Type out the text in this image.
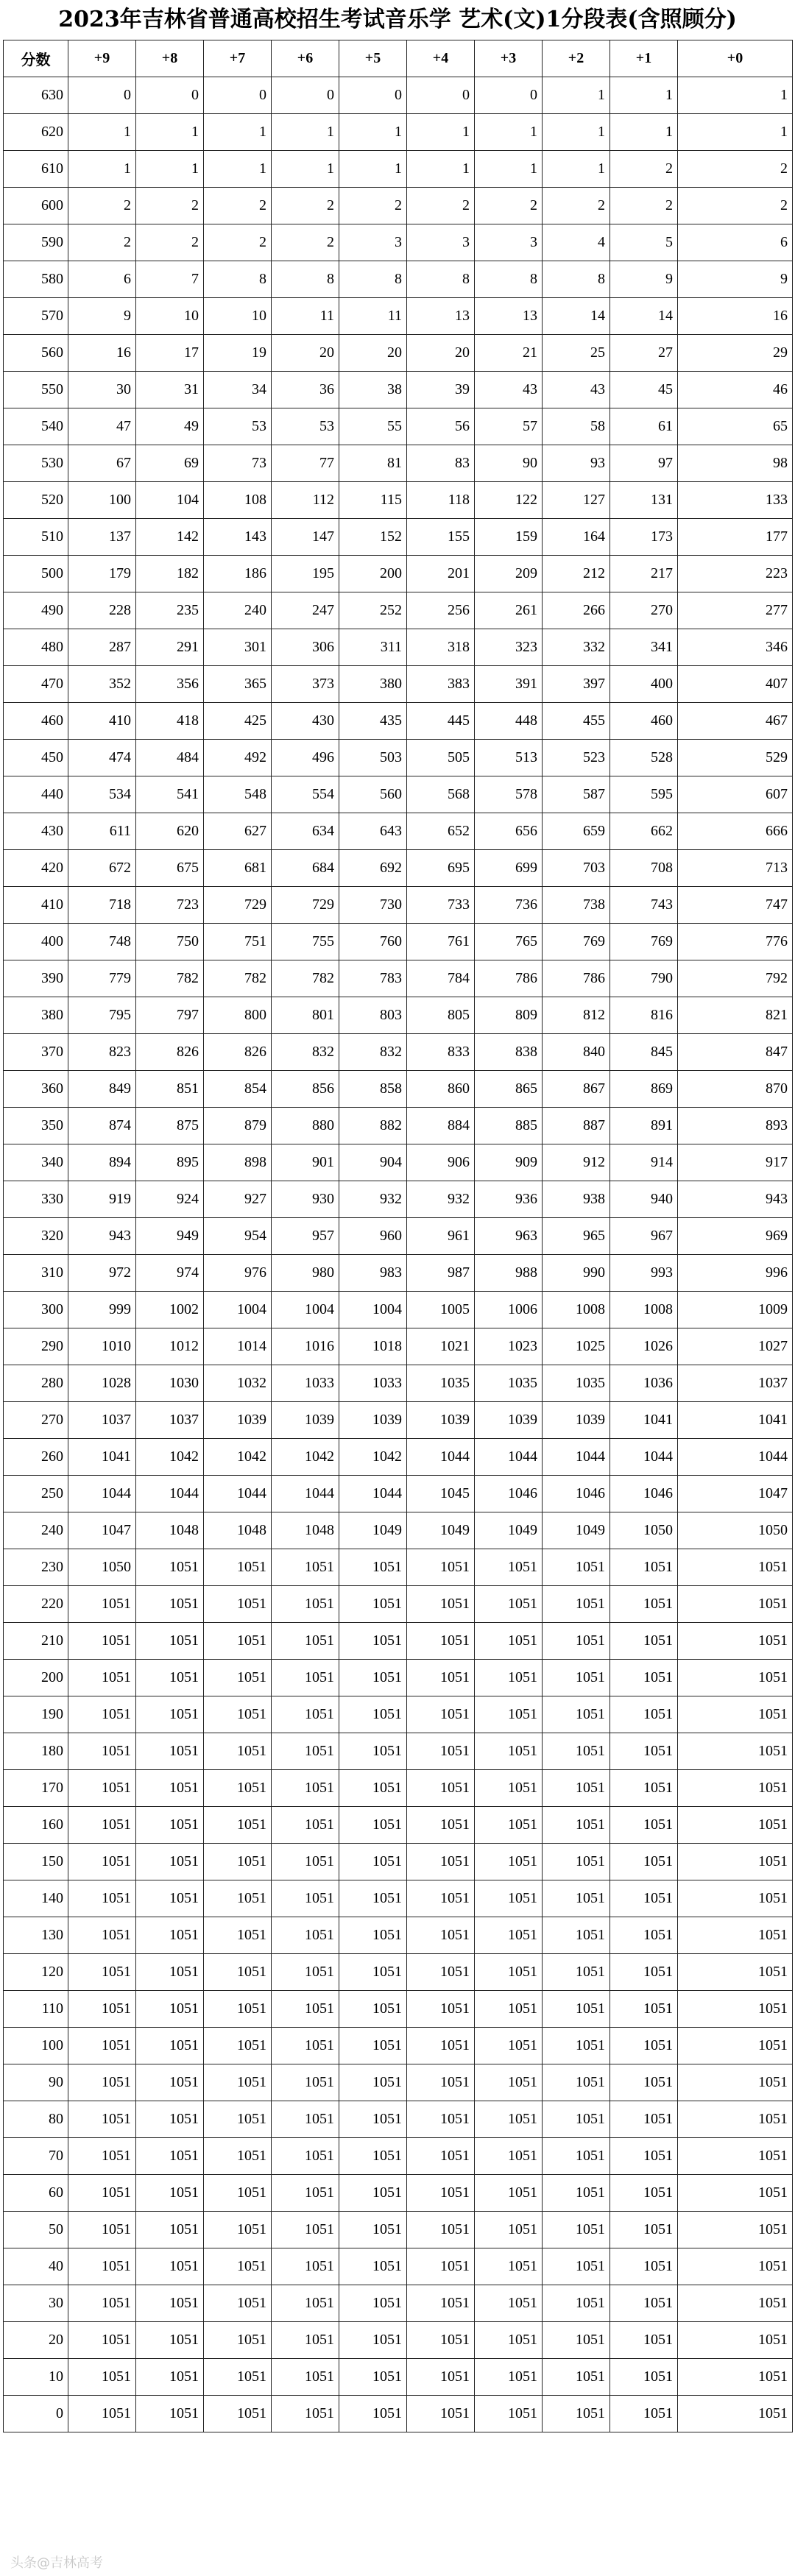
2023年吉林省普通高校招生考试音乐学 艺术(文)1分段表(含照顾分)
分数	+9	+8	+7	+6	+5	+4	+3	+2	+1	+0
630	0	0	0	0	0	0	0	1	1	1
620	1	1	1	1	1	1	1	1	1	1
610	1	1	1	1	1	1	1	1	2	2
600	2	2	2	2	2	2	2	2	2	2
590	2	2	2	2	3	3	3	4	5	6
580	6	7	8	8	8	8	8	8	9	9
570	9	10	10	11	11	13	13	14	14	16
560	16	17	19	20	20	20	21	25	27	29
550	30	31	34	36	38	39	43	43	45	46
540	47	49	53	53	55	56	57	58	61	65
530	67	69	73	77	81	83	90	93	97	98
520	100	104	108	112	115	118	122	127	131	133
510	137	142	143	147	152	155	159	164	173	177
500	179	182	186	195	200	201	209	212	217	223
490	228	235	240	247	252	256	261	266	270	277
480	287	291	301	306	311	318	323	332	341	346
470	352	356	365	373	380	383	391	397	400	407
460	410	418	425	430	435	445	448	455	460	467
450	474	484	492	496	503	505	513	523	528	529
440	534	541	548	554	560	568	578	587	595	607
430	611	620	627	634	643	652	656	659	662	666
420	672	675	681	684	692	695	699	703	708	713
410	718	723	729	729	730	733	736	738	743	747
400	748	750	751	755	760	761	765	769	769	776
390	779	782	782	782	783	784	786	786	790	792
380	795	797	800	801	803	805	809	812	816	821
370	823	826	826	832	832	833	838	840	845	847
360	849	851	854	856	858	860	865	867	869	870
350	874	875	879	880	882	884	885	887	891	893
340	894	895	898	901	904	906	909	912	914	917
330	919	924	927	930	932	932	936	938	940	943
320	943	949	954	957	960	961	963	965	967	969
310	972	974	976	980	983	987	988	990	993	996
300	999	1002	1004	1004	1004	1005	1006	1008	1008	1009
290	1010	1012	1014	1016	1018	1021	1023	1025	1026	1027
280	1028	1030	1032	1033	1033	1035	1035	1035	1036	1037
270	1037	1037	1039	1039	1039	1039	1039	1039	1041	1041
260	1041	1042	1042	1042	1042	1044	1044	1044	1044	1044
250	1044	1044	1044	1044	1044	1045	1046	1046	1046	1047
240	1047	1048	1048	1048	1049	1049	1049	1049	1050	1050
230	1050	1051	1051	1051	1051	1051	1051	1051	1051	1051
220	1051	1051	1051	1051	1051	1051	1051	1051	1051	1051
210	1051	1051	1051	1051	1051	1051	1051	1051	1051	1051
200	1051	1051	1051	1051	1051	1051	1051	1051	1051	1051
190	1051	1051	1051	1051	1051	1051	1051	1051	1051	1051
180	1051	1051	1051	1051	1051	1051	1051	1051	1051	1051
170	1051	1051	1051	1051	1051	1051	1051	1051	1051	1051
160	1051	1051	1051	1051	1051	1051	1051	1051	1051	1051
150	1051	1051	1051	1051	1051	1051	1051	1051	1051	1051
140	1051	1051	1051	1051	1051	1051	1051	1051	1051	1051
130	1051	1051	1051	1051	1051	1051	1051	1051	1051	1051
120	1051	1051	1051	1051	1051	1051	1051	1051	1051	1051
110	1051	1051	1051	1051	1051	1051	1051	1051	1051	1051
100	1051	1051	1051	1051	1051	1051	1051	1051	1051	1051
90	1051	1051	1051	1051	1051	1051	1051	1051	1051	1051
80	1051	1051	1051	1051	1051	1051	1051	1051	1051	1051
70	1051	1051	1051	1051	1051	1051	1051	1051	1051	1051
60	1051	1051	1051	1051	1051	1051	1051	1051	1051	1051
50	1051	1051	1051	1051	1051	1051	1051	1051	1051	1051
40	1051	1051	1051	1051	1051	1051	1051	1051	1051	1051
30	1051	1051	1051	1051	1051	1051	1051	1051	1051	1051
20	1051	1051	1051	1051	1051	1051	1051	1051	1051	1051
10	1051	1051	1051	1051	1051	1051	1051	1051	1051	1051
0	1051	1051	1051	1051	1051	1051	1051	1051	1051	1051
头条@吉林高考
